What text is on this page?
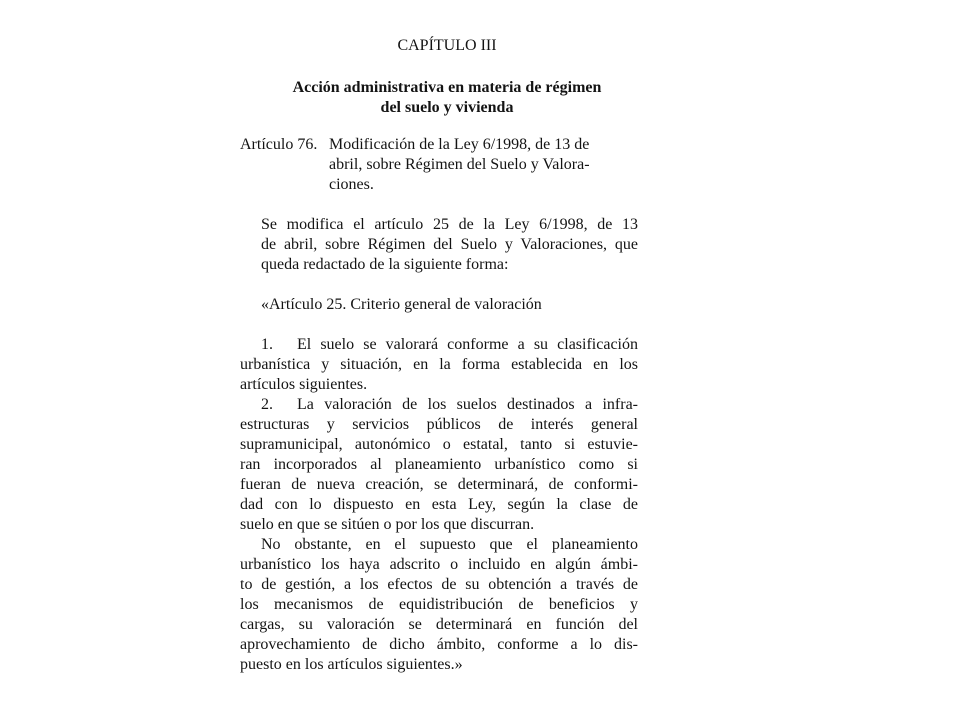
CAPÍTULO III
Acción administrativa en materia de régimen
del suelo y vivienda
Artículo 76. Modificación de la Ley 6/1998, de 13 de
abril, sobre Régimen del Suelo y Valora-
ciones.
Se modifica el artículo 25 de la Ley 6/1998, de 13
de abril, sobre Régimen del Suelo y Valoraciones, que
queda redactado de la siguiente forma:
«Artículo 25. Criterio general de valoración
1. El suelo se valorará conforme a su clasificación
urbanística y situación, en la forma establecida en los
artículos siguientes.
2. La valoración de los suelos destinados a infra-
estructuras y servicios públicos de interés general
supramunicipal, autonómico o estatal, tanto si estuvie-
ran incorporados al planeamiento urbanístico como si
fueran de nueva creación, se determinará, de conformi-
dad con lo dispuesto en esta Ley, según la clase de
suelo en que se sitúen o por los que discurran.
No obstante, en el supuesto que el planeamiento
urbanístico los haya adscrito o incluido en algún ámbi-
to de gestión, a los efectos de su obtención a través de
los mecanismos de equidistribución de beneficios y
cargas, su valoración se determinará en función del
aprovechamiento de dicho ámbito, conforme a lo dis-
puesto en los artículos siguientes.»
